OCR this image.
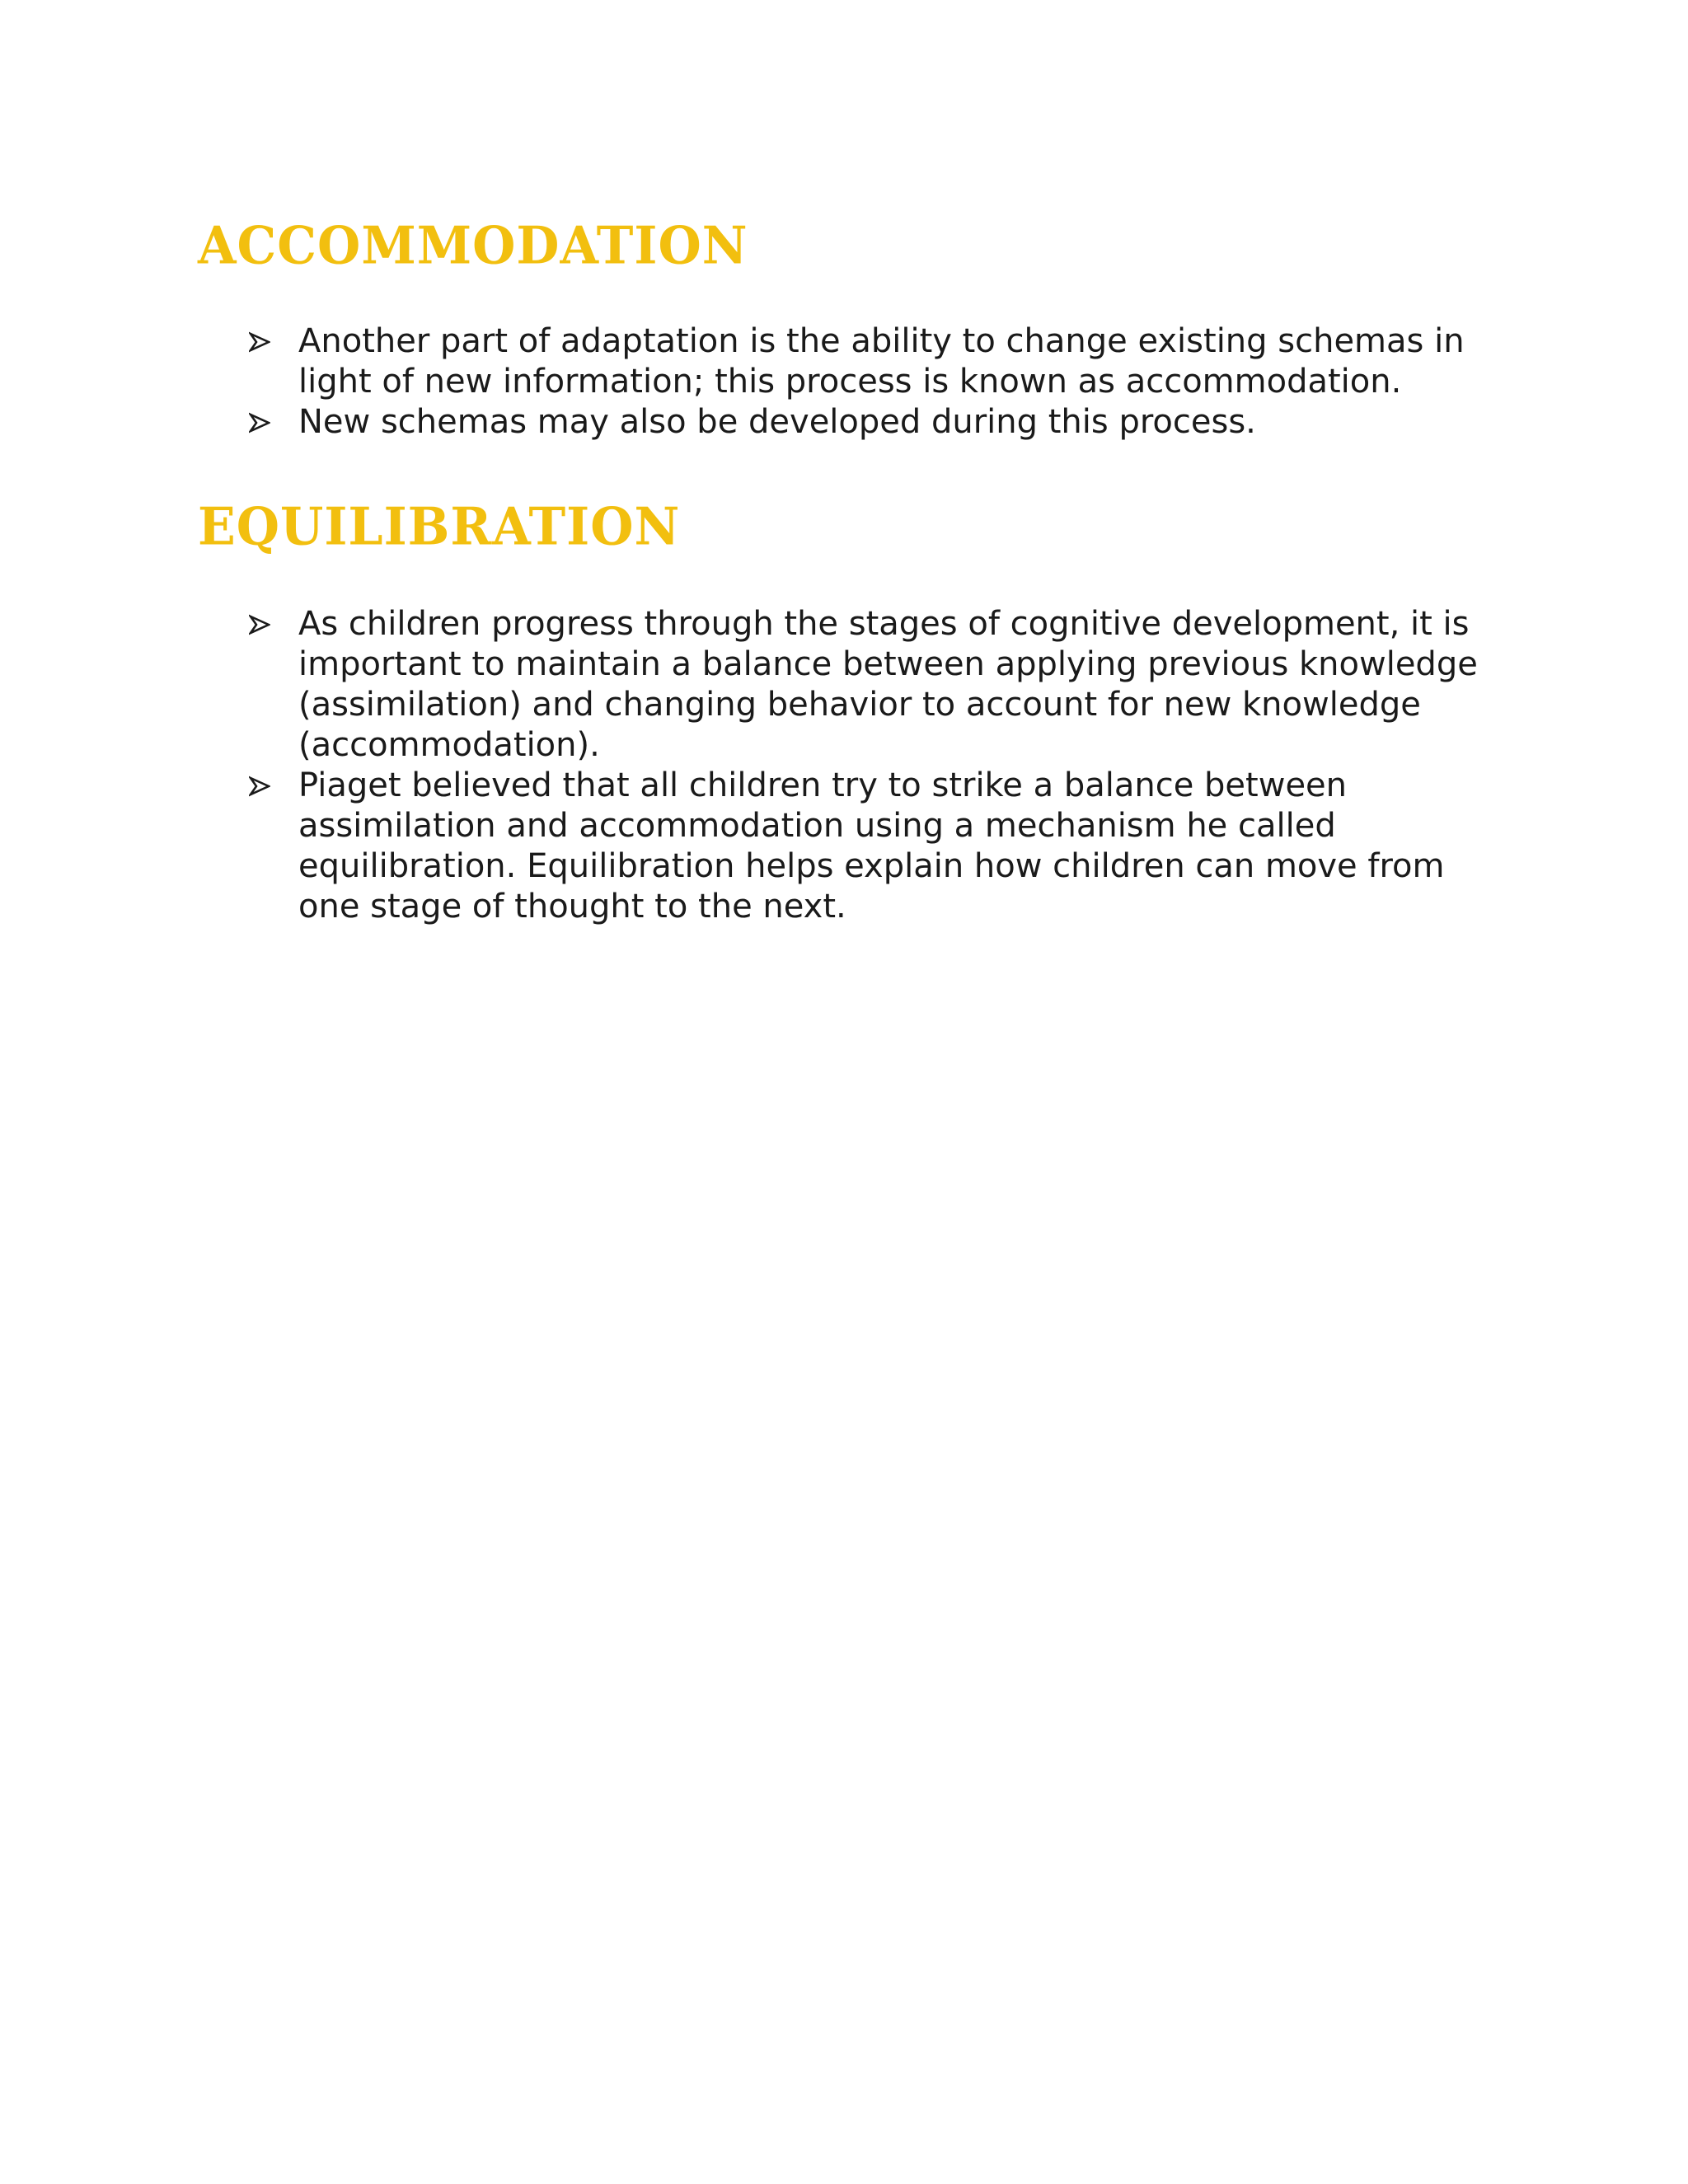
ACCOMMODATION
Another part of adaptation is the ability to change existing schemas in light of new information; this process is known as accommodation.
New schemas may also be developed during this process.
EQUILIBRATION
As children progress through the stages of cognitive development, it is important to maintain a balance between applying previous knowledge (assimilation) and changing behavior to account for new knowledge (accommodation).
Piaget believed that all children try to strike a balance between assimilation and accommodation using a mechanism he called equilibration. Equilibration helps explain how children can move from one stage of thought to the next.
